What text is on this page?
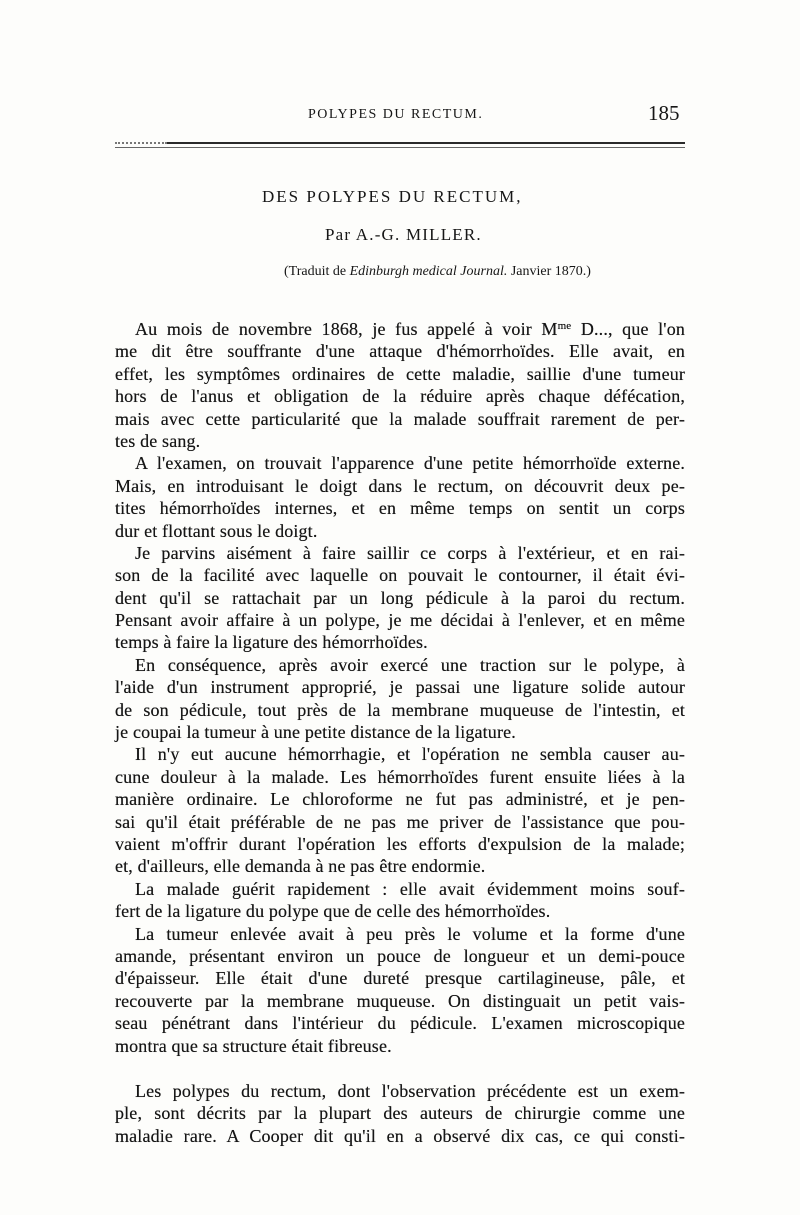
POLYPES DU RECTUM.	185
DES POLYPES DU RECTUM,
Par A.-G. MILLER.
(Traduit de Edinburgh medical Journal. Janvier 1870.)
Au mois de novembre 1868, je fus appelé à voir $M^{me}$ D..., que l'on
me dit être souffrante d'une attaque d'hémorrhoïdes. Elle avait, en
effet, les symptômes ordinaires de cette maladie, saillie d'une tumeur
hors de l'anus et obligation de la réduire après chaque défécation,
mais avec cette particularité que la malade souffrait rarement de per-
tes de sang.
A l'examen, on trouvait l'apparence d'une petite hémorrhoïde externe.
Mais, en introduisant le doigt dans le rectum, on découvrit deux pe-
tites hémorrhoïdes internes, et en même temps on sentit un corps
dur et flottant sous le doigt.
Je parvins aisément à faire saillir ce corps à l'extérieur, et en rai-
son de la facilité avec laquelle on pouvait le contourner, il était évi-
dent qu'il se rattachait par un long pédicule à la paroi du rectum.
Pensant avoir affaire à un polype, je me décidai à l'enlever, et en même
temps à faire la ligature des hémorrhoïdes.
En conséquence, après avoir exercé une traction sur le polype, à
l'aide d'un instrument approprié, je passai une ligature solide autour
de son pédicule, tout près de la membrane muqueuse de l'intestin, et
je coupai la tumeur à une petite distance de la ligature.
Il n'y eut aucune hémorrhagie, et l'opération ne sembla causer au-
cune douleur à la malade. Les hémorrhoïdes furent ensuite liées à la
manière ordinaire. Le chloroforme ne fut pas administré, et je pen-
sai qu'il était préférable de ne pas me priver de l'assistance que pou-
vaient m'offrir durant l'opération les efforts d'expulsion de la malade;
et, d'ailleurs, elle demanda à ne pas être endormie.
La malade guérit rapidement : elle avait évidemment moins souf-
fert de la ligature du polype que de celle des hémorrhoïdes.
La tumeur enlevée avait à peu près le volume et la forme d'une
amande, présentant environ un pouce de longueur et un demi-pouce
d'épaisseur. Elle était d'une dureté presque cartilagineuse, pâle, et
recouverte par la membrane muqueuse. On distinguait un petit vais-
seau pénétrant dans l'intérieur du pédicule. L'examen microscopique
montra que sa structure était fibreuse.
Les polypes du rectum, dont l'observation précédente est un exem-
ple, sont décrits par la plupart des auteurs de chirurgie comme une
maladie rare. A Cooper dit qu'il en a observé dix cas, ce qui consti-
